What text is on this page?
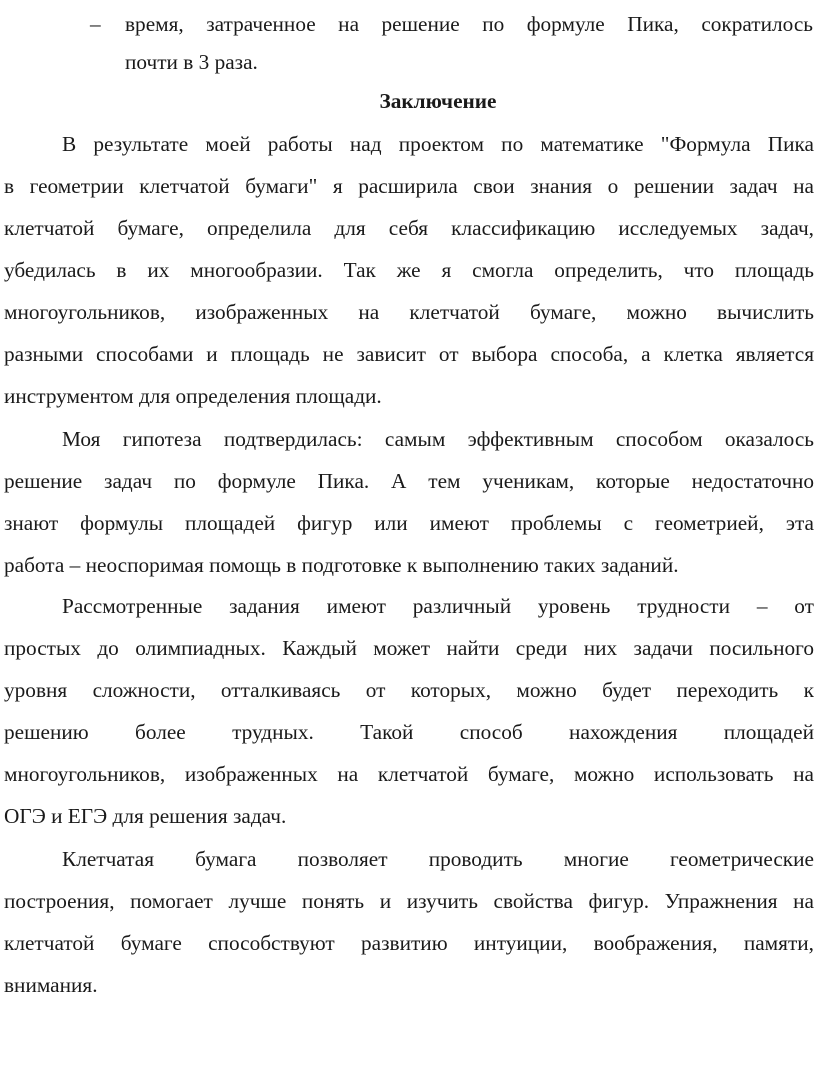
– время, затраченное на решение по формуле Пика, сократилось
почти в 3 раза.
Заключение
В результате моей работы над проектом по математике "Формула Пика
в геометрии клетчатой бумаги" я расширила свои знания о решении задач на
клетчатой бумаге, определила для себя классификацию исследуемых задач,
убедилась в их многообразии. Так же я смогла определить, что площадь
многоугольников, изображенных на клетчатой бумаге, можно вычислить
разными способами и площадь не зависит от выбора способа, а клетка является
инструментом для определения площади.
Моя гипотеза подтвердилась: самым эффективным способом оказалось
решение задач по формуле Пика. А тем ученикам, которые недостаточно
знают формулы площадей фигур или имеют проблемы с геометрией, эта
работа – неоспоримая помощь в подготовке к выполнению таких заданий.
Рассмотренные задания имеют различный уровень трудности – от
простых до олимпиадных. Каждый может найти среди них задачи посильного
уровня сложности, отталкиваясь от которых, можно будет переходить к
решению более трудных. Такой способ нахождения площадей
многоугольников, изображенных на клетчатой бумаге, можно использовать на
ОГЭ и ЕГЭ для решения задач.
Клетчатая бумага позволяет проводить многие геометрические
построения, помогает лучше понять и изучить свойства фигур. Упражнения на
клетчатой бумаге способствуют развитию интуиции, воображения, памяти,
внимания.
